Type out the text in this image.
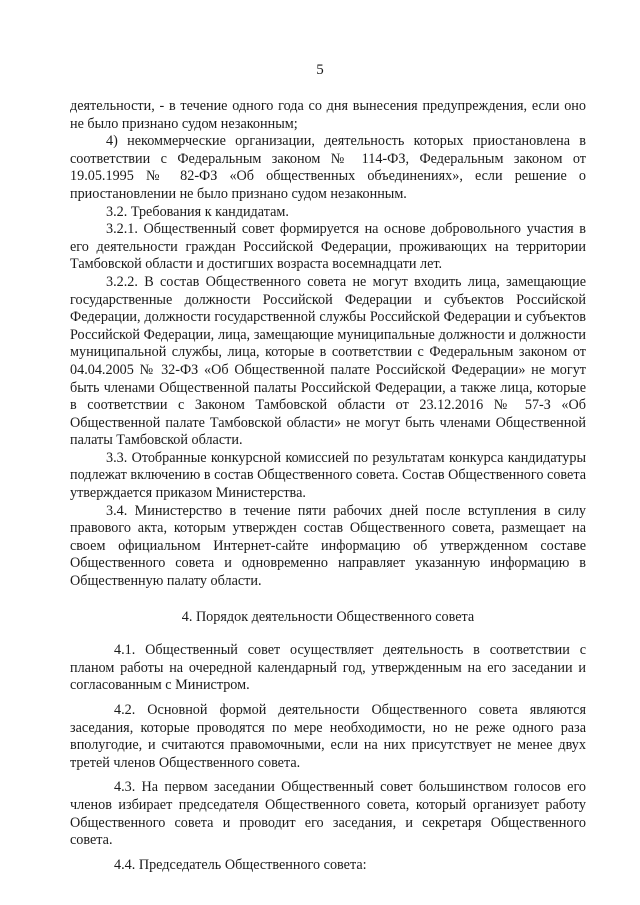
5

деятельности, - в течение одного года со дня вынесения предупреждения, если оно не было признано судом незаконным;

4) некоммерческие организации, деятельность которых приостановлена в соответствии с Федеральным законом № 114-ФЗ, Федеральным законом от 19.05.1995 № 82-ФЗ «Об общественных объединениях», если решение о приостановлении не было признано судом незаконным.

3.2. Требования к кандидатам.

3.2.1. Общественный совет формируется на основе добровольного участия в его деятельности граждан Российской Федерации, проживающих на территории Тамбовской области и достигших возраста восемнадцати лет.

3.2.2. В состав Общественного совета не могут входить лица, замещающие государственные должности Российской Федерации и субъектов Российской Федерации, должности государственной службы Российской Федерации и субъектов Российской Федерации, лица, замещающие муниципальные должности и должности муниципальной службы, лица, которые в соответствии с Федеральным законом от 04.04.2005 № 32-ФЗ «Об Общественной палате Российской Федерации» не могут быть членами Общественной палаты Российской Федерации, а также лица, которые в соответствии с Законом Тамбовской области от 23.12.2016 № 57-З «Об Общественной палате Тамбовской области» не могут быть членами Общественной палаты Тамбовской области.

3.3. Отобранные конкурсной комиссией по результатам конкурса кандидатуры подлежат включению в состав Общественного совета. Состав Общественного совета утверждается приказом Министерства.

3.4. Министерство в течение пяти рабочих дней после вступления в силу правового акта, которым утвержден состав Общественного совета, размещает на своем официальном Интернет-сайте информацию об утвержденном составе Общественного совета и одновременно направляет указанную информацию в Общественную палату области.

4. Порядок деятельности Общественного совета

4.1. Общественный совет осуществляет деятельность в соответствии с планом работы на очередной календарный год, утвержденным на его заседании и согласованным с Министром.

4.2. Основной формой деятельности Общественного совета являются заседания, которые проводятся по мере необходимости, но не реже одного раза вполугодие, и считаются правомочными, если на них присутствует не менее двух третей членов Общественного совета.

4.3. На первом заседании Общественный совет большинством голосов его членов избирает председателя Общественного совета, который организует работу Общественного совета и проводит его заседания, и секретаря Общественного совета.

4.4. Председатель Общественного совета:
